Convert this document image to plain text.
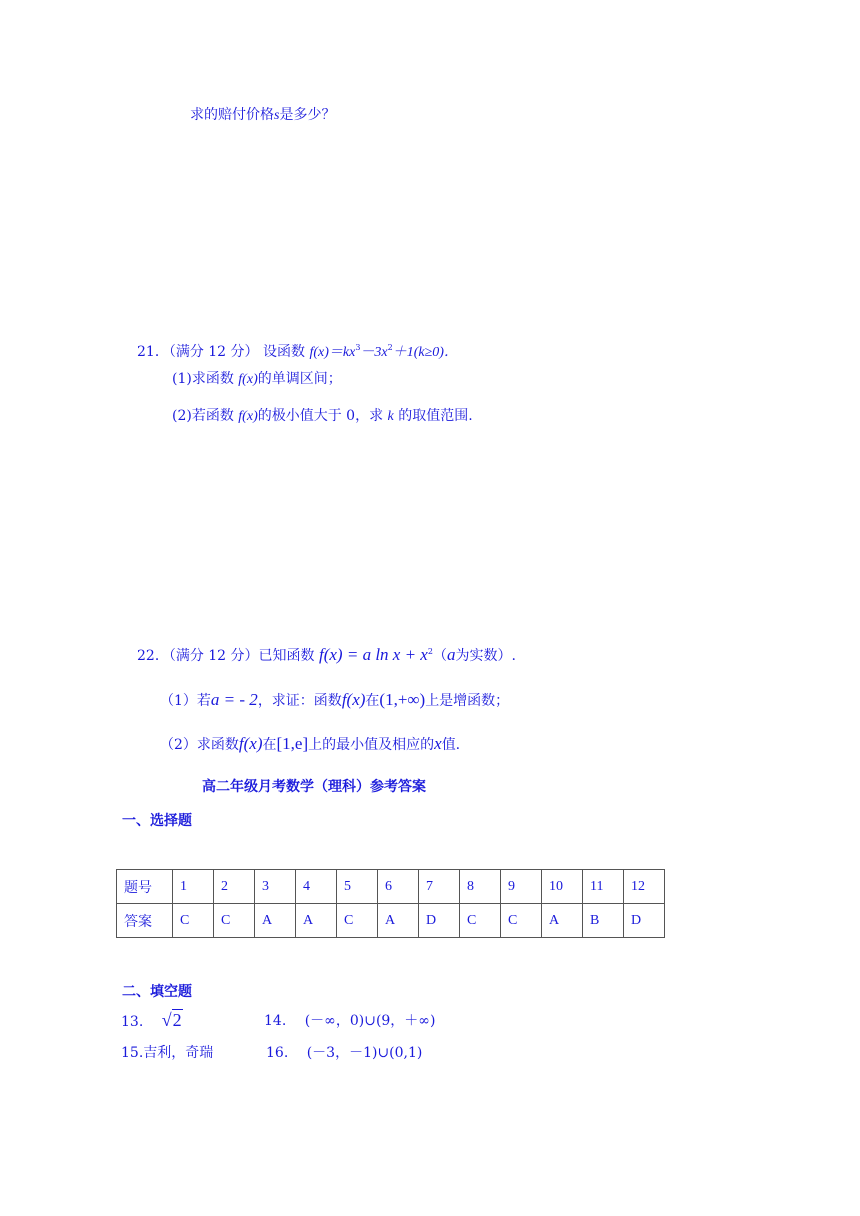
求的赔付价格s是多少？
21．（满分 12 分） 设函数 $f(x)=kx^3-3x^2+1(k\ge 0)$．
(1)求函数 f(x)的单调区间；
(2)若函数 f(x)的极小值大于 0，求 k 的取值范围.
22．（满分 12 分）已知函数 f(x) = a $\ln x + x^2(a$为实数）.
（1）若a = - 2，求证：函数f(x)在(1,+∞)上是增函数；
（2）求函数f(x)在[1,e]上的最小值及相应的x值.
高二年级月考数学（理科）参考答案
一、选择题
题号	1	2	3	4	5	6	7	8	9	10	11	12
答案	C	C	A	A	C	A	D	C	C	A	B	D
二、填空题
13. √2	14. (－∞，0)∪(9，＋∞)
15.吉利，奇瑞	16. (－3，－1)∪(0,1)
